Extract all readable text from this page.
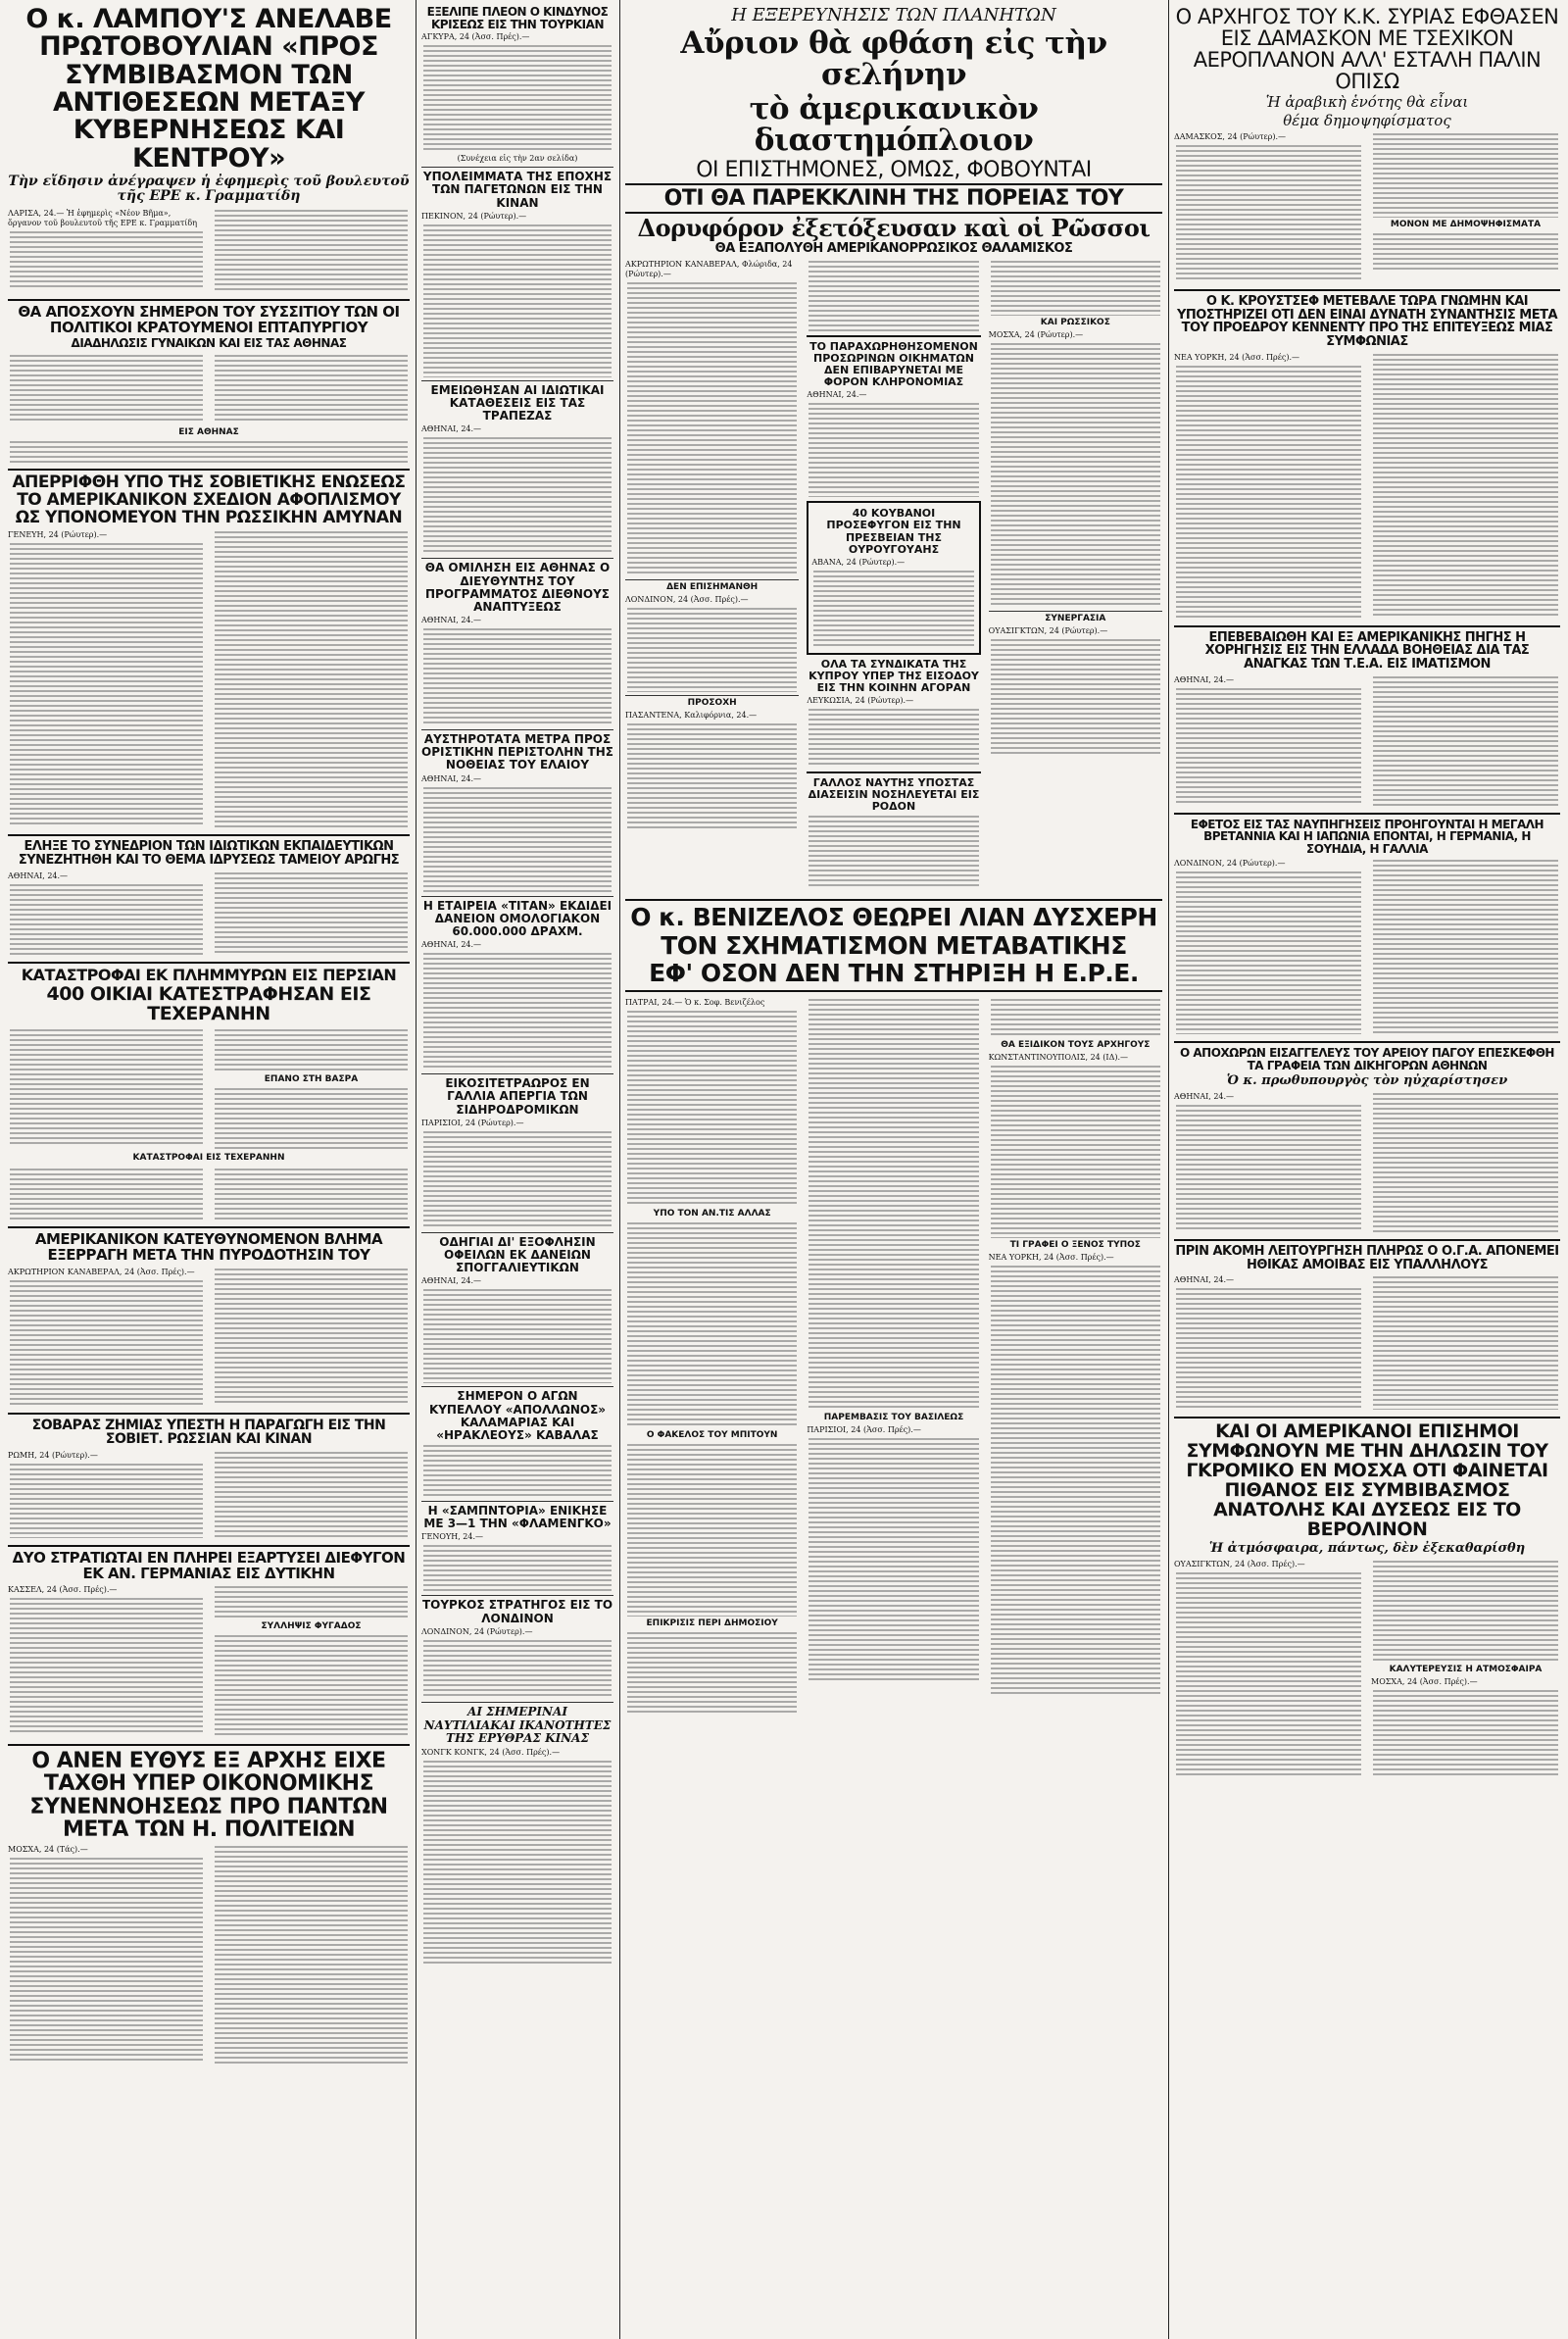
Ο κ. ΛΑΜΠΟΥ'Σ ΑΝΕΛΑΒΕ ΠΡΩΤΟΒΟΥΛΙΑΝ «ΠΡΟΣ ΣΥΜΒΙΒΑΣΜΟΝ ΤΩΝ ΑΝΤΙΘΕΣΕΩΝ ΜΕΤΑΞΥ ΚΥΒΕΡΝΗΣΕΩΣ ΚΑΙ ΚΕΝΤΡΟΥ»
Τὴν εἴδησιν ἀνέγραψεν ἡ ἐφημερὶς τοῦ βουλευτοῦ τῆς ΕΡΕ κ. Γραμματίδη
ΛΑΡΙΣΑ, 24.— Ἡ ἐφημερὶς «Νέον Βῆμα», ὄργανον τοῦ βουλευτοῦ τῆς ΕΡΕ κ. Γραμματίδη
ΘΑ ΑΠΟΣΧΟΥΝ ΣΗΜΕΡΟΝ ΤΟΥ ΣΥΣΣΙΤΙΟΥ ΤΩΝ ΟΙ ΠΟΛΙΤΙΚΟΙ ΚΡΑΤΟΥΜΕΝΟΙ ΕΠΤΑΠΥΡΓΙΟΥ
ΔΙΑΔΗΛΩΣΙΣ ΓΥΝΑΙΚΩΝ ΚΑΙ ΕΙΣ ΤΑΣ ΑΘΗΝΑΣ
ΕΙΣ ΑΘΗΝΑΣ
ΑΠΕΡΡΙΦΘΗ ΥΠΟ ΤΗΣ ΣΟΒΙΕΤΙΚΗΣ ΕΝΩΣΕΩΣ ΤΟ ΑΜΕΡΙΚΑΝΙΚΟΝ ΣΧΕΔΙΟΝ ΑΦΟΠΛΙΣΜΟΥ ΩΣ ΥΠΟΝΟΜΕΥΟΝ ΤΗΝ ΡΩΣΣΙΚΗΝ ΑΜΥΝΑΝ
ΓΕΝΕΥΗ, 24 (Ρώυτερ).—
ΕΛΗΞΕ ΤΟ ΣΥΝΕΔΡΙΟΝ ΤΩΝ ΙΔΙΩΤΙΚΩΝ ΕΚΠΑΙΔΕΥΤΙΚΩΝ ΣΥΝΕΖΗΤΗΘΗ ΚΑΙ ΤΟ ΘΕΜΑ ΙΔΡΥΣΕΩΣ ΤΑΜΕΙΟΥ ΑΡΩΓΗΣ
ΑΘΗΝΑΙ, 24.—
ΚΑΤΑΣΤΡΟΦΑΙ ΕΚ ΠΛΗΜΜΥΡΩΝ ΕΙΣ ΠΕΡΣΙΑΝ
400 ΟΙΚΙΑΙ ΚΑΤΕΣΤΡΑΦΗΣΑΝ ΕΙΣ ΤΕΧΕΡΑΝΗΝ
ΕΠΑΝΟ ΣΤΗ ΒΑΣΡΑ
ΚΑΤΑΣΤΡΟΦΑΙ ΕΙΣ ΤΕΧΕΡΑΝΗΝ
ΑΜΕΡΙΚΑΝΙΚΟΝ ΚΑΤΕΥΘΥΝΟΜΕΝΟΝ ΒΛΗΜΑ ΕΞΕΡΡΑΓΗ ΜΕΤΑ ΤΗΝ ΠΥΡΟΔΟΤΗΣΙΝ ΤΟΥ
ΑΚΡΩΤΗΡΙΟΝ ΚΑΝΑΒΕΡΑΛ, 24 (Ἀσσ. Πρές).—
ΣΟΒΑΡΑΣ ΖΗΜΙΑΣ ΥΠΕΣΤΗ Η ΠΑΡΑΓΩΓΗ ΕΙΣ ΤΗΝ ΣΟΒΙΕΤ. ΡΩΣΣΙΑΝ ΚΑΙ ΚΙΝΑΝ
ΡΩΜΗ, 24 (Ρώυτερ).—
ΔΥΟ ΣΤΡΑΤΙΩΤΑΙ ΕΝ ΠΛΗΡΕΙ ΕΞΑΡΤΥΣΕΙ ΔΙΕΦΥΓΟΝ ΕΚ ΑΝ. ΓΕΡΜΑΝΙΑΣ ΕΙΣ ΔΥΤΙΚΗΝ
ΚΑΣΣΕΛ, 24 (Ἀσσ. Πρές).—
ΣΥΛΛΗΨΙΣ ΦΥΓΑΔΟΣ
Ο ΑΝΕΝ ΕΥΘΥΣ ΕΞ ΑΡΧΗΣ ΕΙΧΕ ΤΑΧΘΗ ΥΠΕΡ ΟΙΚΟΝΟΜΙΚΗΣ ΣΥΝΕΝΝΟΗΣΕΩΣ ΠΡΟ ΠΑΝΤΩΝ ΜΕΤΑ ΤΩΝ Η. ΠΟΛΙΤΕΙΩΝ
ΜΟΣΧΑ, 24 (Τάς).—
ΕΞΕΛΙΠΕ ΠΛΕΟΝ Ο ΚΙΝΔΥΝΟΣ ΚΡΙΣΕΩΣ ΕΙΣ ΤΗΝ ΤΟΥΡΚΙΑΝ
ΑΓΚΥΡΑ, 24 (Ἀσσ. Πρές).—
(Συνέχεια εἰς τὴν 2αν σελίδα)
ΥΠΟΛΕΙΜΜΑΤΑ ΤΗΣ ΕΠΟΧΗΣ ΤΩΝ ΠΑΓΕΤΩΝΩΝ ΕΙΣ ΤΗΝ ΚΙΝΑΝ
ΠΕΚΙΝΟΝ, 24 (Ρώυτερ).—
ΕΜΕΙΩΘΗΣΑΝ ΑΙ ΙΔΙΩΤΙΚΑΙ ΚΑΤΑΘΕΣΕΙΣ ΕΙΣ ΤΑΣ ΤΡΑΠΕΖΑΣ
ΑΘΗΝΑΙ, 24.—
ΘΑ ΟΜΙΛΗΣΗ ΕΙΣ ΑΘΗΝΑΣ Ο ΔΙΕΥΘΥΝΤΗΣ ΤΟΥ ΠΡΟΓΡΑΜΜΑΤΟΣ ΔΙΕΘΝΟΥΣ ΑΝΑΠΤΥΞΕΩΣ
ΑΘΗΝΑΙ, 24.—
ΑΥΣΤΗΡΟΤΑΤΑ ΜΕΤΡΑ ΠΡΟΣ ΟΡΙΣΤΙΚΗΝ ΠΕΡΙΣΤΟΛΗΝ ΤΗΣ ΝΟΘΕΙΑΣ ΤΟΥ ΕΛΑΙΟΥ
ΑΘΗΝΑΙ, 24.—
Η ΕΤΑΙΡΕΙΑ «ΤΙΤΑΝ» ΕΚΔΙΔΕΙ ΔΑΝΕΙΟΝ ΟΜΟΛΟΓΙΑΚΟΝ 60.000.000 ΔΡΑΧΜ.
ΑΘΗΝΑΙ, 24.—
ΕΙΚΟΣΙΤΕΤΡΑΩΡΟΣ ΕΝ ΓΑΛΛΙΑ ΑΠΕΡΓΙΑ ΤΩΝ ΣΙΔΗΡΟΔΡΟΜΙΚΩΝ
ΠΑΡΙΣΙΟΙ, 24 (Ρώυτερ).—
ΟΔΗΓΙΑΙ ΔΙ' ΕΞΟΦΛΗΣΙΝ ΟΦΕΙΛΩΝ ΕΚ ΔΑΝΕΙΩΝ ΣΠΟΓΓΑΛΙΕΥΤΙΚΩΝ
ΑΘΗΝΑΙ, 24.—
ΣΗΜΕΡΟΝ Ο ΑΓΩΝ ΚΥΠΕΛΛΟΥ «ΑΠΟΛΛΩΝΟΣ» ΚΑΛΑΜΑΡΙΑΣ ΚΑΙ «ΗΡΑΚΛΕΟΥΣ» ΚΑΒΑΛΑΣ
Η «ΣΑΜΠΝΤΟΡΙΑ» ΕΝΙΚΗΣΕ ΜΕ 3—1 ΤΗΝ «ΦΛΑΜΕΝΓΚΟ»
ΓΕΝΟΥΗ, 24.—
ΤΟΥΡΚΟΣ ΣΤΡΑΤΗΓΟΣ ΕΙΣ ΤΟ ΛΟΝΔΙΝΟΝ
ΛΟΝΔΙΝΟΝ, 24 (Ρώυτερ).—
ΑΙ ΣΗΜΕΡΙΝΑΙ ΝΑΥΤΙΛΙΑΚΑΙ ΙΚΑΝΟΤΗΤΕΣ ΤΗΣ ΕΡΥΘΡΑΣ ΚΙΝΑΣ
ΧΟΝΓΚ ΚΟΝΓΚ, 24 (Ἀσσ. Πρές).—
Η ΕΞΕΡΕΥΝΗΣΙΣ ΤΩΝ ΠΛΑΝΗΤΩΝ
Αὔριον θὰ φθάση εἰς τὴν σελήνην
τὸ ἀμερικανικὸν διαστημόπλοιον
ΟΙ ΕΠΙΣΤΗΜΟΝΕΣ, ΟΜΩΣ, ΦΟΒΟΥΝΤΑΙ
ΟΤΙ ΘΑ ΠΑΡΕΚΚΛΙΝΗ ΤΗΣ ΠΟΡΕΙΑΣ ΤΟΥ
Δορυφόρον ἐξετόξευσαν καὶ οἱ Ρῶσσοι
ΘΑ ΕΞΑΠΟΛΥΘΗ ΑΜΕΡΙΚΑΝΟΡΡΩΣΙΚΟΣ ΘΑΛΑΜΙΣΚΟΣ
ΑΚΡΩΤΗΡΙΟΝ ΚΑΝΑΒΕΡΑΛ, Φλώριδα, 24 (Ρώυτερ).—
ΔΕΝ ΕΠΙΣΗΜΑΝΘΗ
ΛΟΝΔΙΝΟΝ, 24 (Ἀσσ. Πρές).—
ΠΡΟΣΟΧΗ
ΠΑΣΑΝΤΕΝΑ, Καλιφόρνια, 24.—
ΤΟ ΠΑΡΑΧΩΡΗΘΗΣΟΜΕΝΟΝ ΠΡΟΣΩΡΙΝΩΝ ΟΙΚΗΜΑΤΩΝ ΔΕΝ ΕΠΙΒΑΡΥΝΕΤΑΙ ΜΕ ΦΟΡΟΝ ΚΛΗΡΟΝΟΜΙΑΣ
ΑΘΗΝΑΙ, 24.—
40 ΚΟΥΒΑΝΟΙ ΠΡΟΣΕΦΥΓΟΝ ΕΙΣ ΤΗΝ ΠΡΕΣΒΕΙΑΝ ΤΗΣ ΟΥΡΟΥΓΟΥΑΗΣ
ΑΒΑΝΑ, 24 (Ρώυτερ).—
ΟΛΑ ΤΑ ΣΥΝΔΙΚΑΤΑ ΤΗΣ ΚΥΠΡΟΥ ΥΠΕΡ ΤΗΣ ΕΙΣΟΔΟΥ ΕΙΣ ΤΗΝ ΚΟΙΝΗΝ ΑΓΟΡΑΝ
ΛΕΥΚΩΣΙΑ, 24 (Ρώυτερ).—
ΓΑΛΛΟΣ ΝΑΥΤΗΣ ΥΠΟΣΤΑΣ ΔΙΑΣΕΙΣΙΝ ΝΟΣΗΛΕΥΕΤΑΙ ΕΙΣ ΡΟΔΟΝ
ΚΑΙ ΡΩΣΣΙΚΟΣ
ΜΟΣΧΑ, 24 (Ρώυτερ).—
ΣΥΝΕΡΓΑΣΙΑ
ΟΥΑΣΙΓΚΤΩΝ, 24 (Ρώυτερ).—
Ο κ. ΒΕΝΙΖΕΛΟΣ ΘΕΩΡΕΙ ΛΙΑΝ ΔΥΣΧΕΡΗ
ΤΟΝ ΣΧΗΜΑΤΙΣΜΟΝ ΜΕΤΑΒΑΤΙΚΗΣ
ΕΦ' ΟΣΟΝ ΔΕΝ ΤΗΝ ΣΤΗΡΙΞΗ Η Ε.Ρ.Ε.
ΠΑΤΡΑΙ, 24.— Ὁ κ. Σοφ. Βενιζέλος
ΥΠΟ ΤΟΝ ΑΝ.ΤΙΣ ΑΛΛΑΣ
Ο ΦΑΚΕΛΟΣ ΤΟΥ ΜΠΙΤΟΥΝ
ΕΠΙΚΡΙΣΙΣ ΠΕΡΙ ΔΗΜΟΣΙΟΥ
ΠΑΡΕΜΒΑΣΙΣ ΤΟΥ ΒΑΣΙΛΕΩΣ
ΠΑΡΙΣΙΟΙ, 24 (Ἀσσ. Πρές).—
ΘΑ ΕΞΙΔΙΚΟΝ ΤΟΥΣ ΑΡΧΗΓΟΥΣ
ΚΩΝΣΤΑΝΤΙΝΟΥΠΟΛΙΣ, 24 (ΙΔ).—
ΤΙ ΓΡΑΦΕΙ Ο ΞΕΝΟΣ ΤΥΠΟΣ
ΝΕΑ ΥΟΡΚΗ, 24 (Ἀσσ. Πρές).—
Ο ΑΡΧΗΓΟΣ ΤΟΥ Κ.Κ. ΣΥΡΙΑΣ ΕΦΘΑΣΕΝ ΕΙΣ ΔΑΜΑΣΚΟΝ ΜΕ ΤΣΕΧΙΚΟΝ ΑΕΡΟΠΛΑΝΟΝ ΑΛΛ' ΕΣΤΑΛΗ ΠΑΛΙΝ ΟΠΙΣΩ
Ἡ ἀραβικὴ ἑνότης θὰ εἶναι
θέμα δημοψηφίσματος
ΔΑΜΑΣΚΟΣ, 24 (Ρώυτερ).—
ΜΟΝΟΝ ΜΕ ΔΗΜΟΨΗΦΙΣΜΑΤΑ
Ο Κ. ΚΡΟΥΣΤΣΕΦ ΜΕΤΕΒΑΛΕ ΤΩΡΑ ΓΝΩΜΗΝ ΚΑΙ ΥΠΟΣΤΗΡΙΖΕΙ ΟΤΙ ΔΕΝ ΕΙΝΑΙ ΔΥΝΑΤΗ ΣΥΝΑΝΤΗΣΙΣ ΜΕΤΑ ΤΟΥ ΠΡΟΕΔΡΟΥ ΚΕΝΝΕΝΤΥ ΠΡΟ ΤΗΣ ΕΠΙΤΕΥΞΕΩΣ ΜΙΑΣ ΣΥΜΦΩΝΙΑΣ
ΝΕΑ ΥΟΡΚΗ, 24 (Ἀσσ. Πρές).—
ΕΠΕΒΕΒΑΙΩΘΗ ΚΑΙ ΕΞ ΑΜΕΡΙΚΑΝΙΚΗΣ ΠΗΓΗΣ Η ΧΟΡΗΓΗΣΙΣ ΕΙΣ ΤΗΝ ΕΛΛΑΔΑ ΒΟΗΘΕΙΑΣ ΔΙΑ ΤΑΣ ΑΝΑΓΚΑΣ ΤΩΝ Τ.Ε.Α. ΕΙΣ ΙΜΑΤΙΣΜΟΝ
ΑΘΗΝΑΙ, 24.—
ΕΦΕΤΟΣ ΕΙΣ ΤΑΣ ΝΑΥΠΗΓΗΣΕΙΣ ΠΡΟΗΓΟΥΝΤΑΙ Η ΜΕΓΑΛΗ ΒΡΕΤΑΝΝΙΑ ΚΑΙ Η ΙΑΠΩΝΙΑ ΕΠΟΝΤΑΙ, Η ΓΕΡΜΑΝΙΑ, Η ΣΟΥΗΔΙΑ, Η ΓΑΛΛΙΑ
ΛΟΝΔΙΝΟΝ, 24 (Ρώυτερ).—
Ο ΑΠΟΧΩΡΩΝ ΕΙΣΑΓΓΕΛΕΥΣ ΤΟΥ ΑΡΕΙΟΥ ΠΑΓΟΥ ΕΠΕΣΚΕΦΘΗ ΤΑ ΓΡΑΦΕΙΑ ΤΩΝ ΔΙΚΗΓΟΡΩΝ ΑΘΗΝΩΝ
Ὁ κ. πρωθυπουργὸς τὸν ηὐχαρίστησεν
ΑΘΗΝΑΙ, 24.—
ΠΡΙΝ ΑΚΟΜΗ ΛΕΙΤΟΥΡΓΗΣΗ ΠΛΗΡΩΣ Ο Ο.Γ.Α. ΑΠΟΝΕΜΕΙ ΗΘΙΚΑΣ ΑΜΟΙΒΑΣ ΕΙΣ ΥΠΑΛΛΗΛΟΥΣ
ΑΘΗΝΑΙ, 24.—
ΚΑΙ ΟΙ ΑΜΕΡΙΚΑΝΟΙ ΕΠΙΣΗΜΟΙ ΣΥΜΦΩΝΟΥΝ ΜΕ ΤΗΝ ΔΗΛΩΣΙΝ ΤΟΥ ΓΚΡΟΜΙΚΟ ΕΝ ΜΟΣΧΑ ΟΤΙ ΦΑΙΝΕΤΑΙ ΠΙΘΑΝΟΣ ΕΙΣ ΣΥΜΒΙΒΑΣΜΟΣ ΑΝΑΤΟΛΗΣ ΚΑΙ ΔΥΣΕΩΣ ΕΙΣ ΤΟ ΒΕΡΟΛΙΝΟΝ
Ἡ ἀτμόσφαιρα, πάντως, δὲν ἐξεκαθαρίσθη
ΟΥΑΣΙΓΚΤΩΝ, 24 (Ἀσσ. Πρές).—
ΚΑΛΥΤΕΡΕΥΣΙΣ Η ΑΤΜΟΣΦΑΙΡΑ
ΜΟΣΧΑ, 24 (Ἀσσ. Πρές).—
